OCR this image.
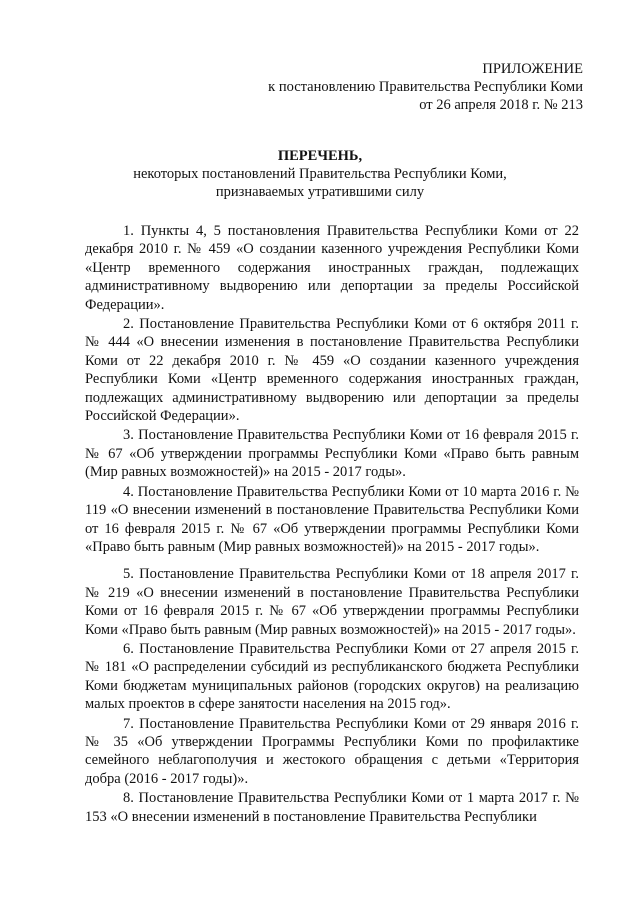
ПРИЛОЖЕНИЕ
к постановлению Правительства Республики Коми
от 26 апреля 2018 г. № 213
ПЕРЕЧЕНЬ,
некоторых постановлений Правительства Республики Коми,
признаваемых утратившими силу

1. Пункты 4, 5 постановления Правительства Республики Коми от 22 декабря 2010 г. № 459 «О создании казенного учреждения Республики Коми «Центр временного содержания иностранных граждан, подлежащих административному выдворению или депортации за пределы Российской Федерации».

2. Постановление Правительства Республики Коми от 6 октября 2011 г. № 444 «О внесении изменения в постановление Правительства Республики Коми от 22 декабря 2010 г. № 459 «О создании казенного учреждения Республики Коми «Центр временного содержания иностранных граждан, подлежащих административному выдворению или депортации за пределы Российской Федерации».

3. Постановление Правительства Республики Коми от 16 февраля 2015 г. № 67 «Об утверждении программы Республики Коми «Право быть равным (Мир равных возможностей)» на 2015 - 2017 годы».

4. Постановление Правительства Республики Коми от 10 марта 2016 г. № 119 «О внесении изменений в постановление Правительства Республики Коми от 16 февраля 2015 г. № 67 «Об утверждении программы Республики Коми «Право быть равным (Мир равных возможностей)» на 2015 - 2017 годы».

5. Постановление Правительства Республики Коми от 18 апреля 2017 г. № 219 «О внесении изменений в постановление Правительства Республики Коми от 16 февраля 2015 г. № 67 «Об утверждении программы Республики Коми «Право быть равным (Мир равных возможностей)» на 2015 - 2017 годы».

6. Постановление Правительства Республики Коми от 27 апреля 2015 г. № 181 «О распределении субсидий из республиканского бюджета Республики Коми бюджетам муниципальных районов (городских округов) на реализацию малых проектов в сфере занятости населения на 2015 год».

7. Постановление Правительства Республики Коми от 29 января 2016 г. № 35 «Об утверждении Программы Республики Коми по профилактике семейного неблагополучия и жестокого обращения с детьми «Территория добра (2016 - 2017 годы)».

8. Постановление Правительства Республики Коми от 1 марта 2017 г. № 153 «О внесении изменений в постановление Правительства Республики
